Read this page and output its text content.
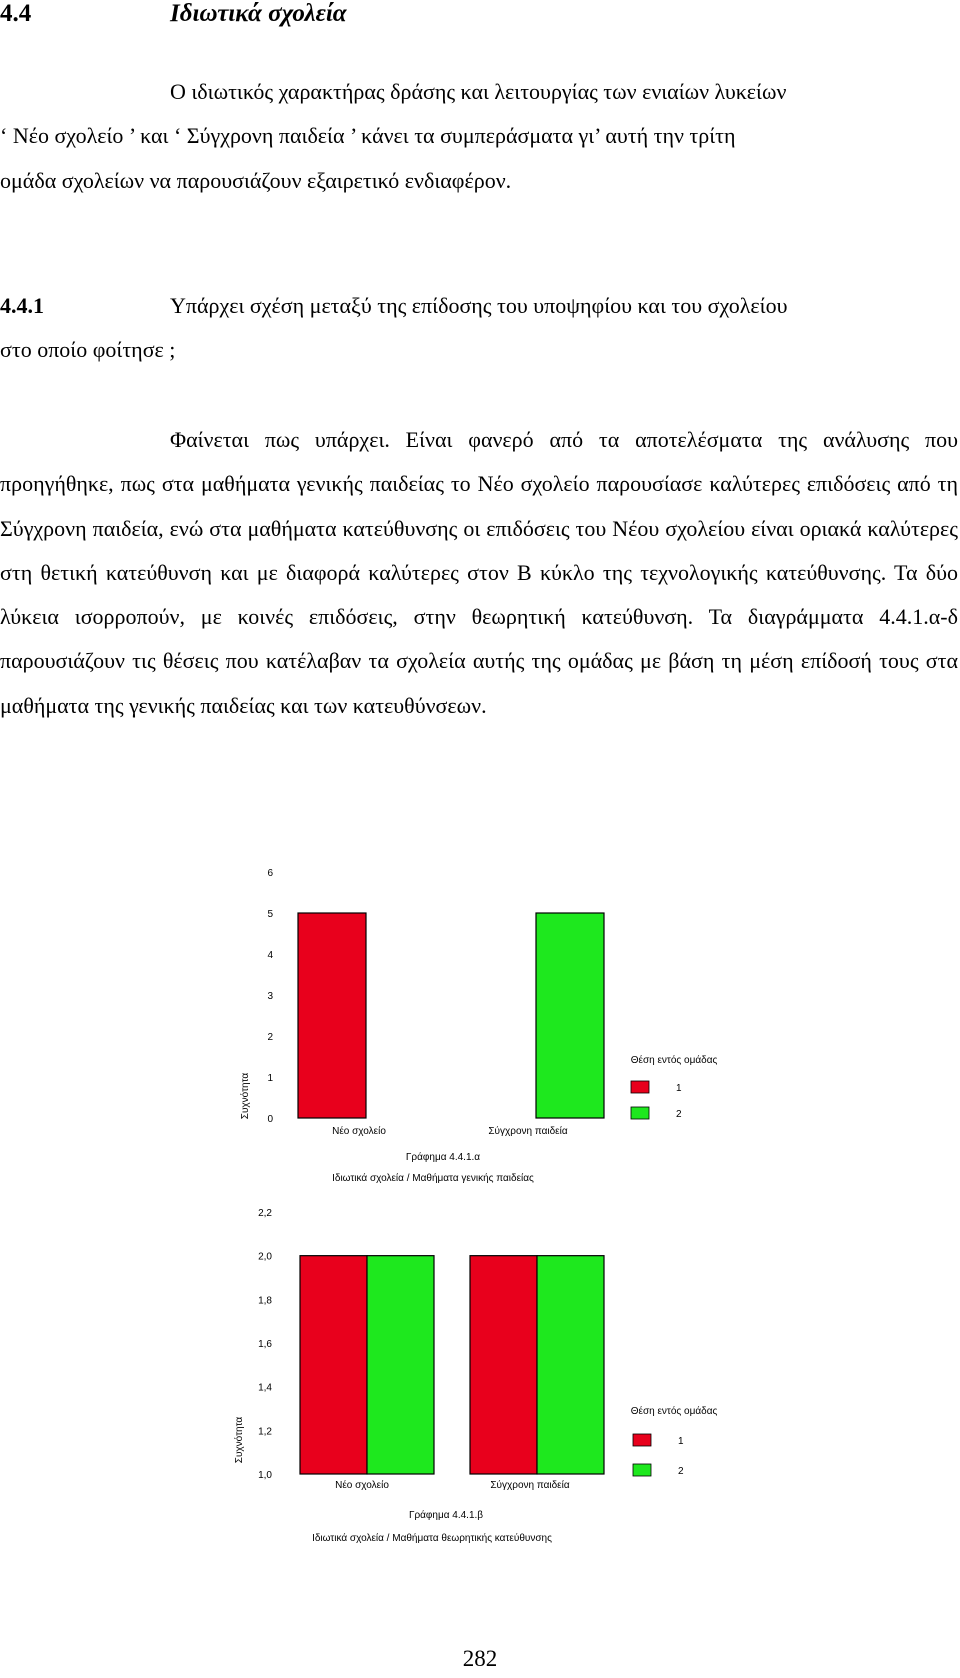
4.4	Ιδιωτικά σχολεία
Ο ιδιωτικός χαρακτήρας δράσης και λειτουργίας των ενιαίων λυκείων
‘ Νέο σχολείο ’ και ‘ Σύγχρονη παιδεία ’ κάνει τα συμπεράσματα γι’ αυτή την τρίτη
ομάδα σχολείων να παρουσιάζουν εξαιρετικό ενδιαφέρον.
4.4.1	Υπάρχει σχέση μεταξύ της επίδοσης του υποψηφίου και του σχολείου

στο οποίο φοίτησε ;

Φαίνεται πως υπάρχει. Είναι φανερό από τα αποτελέσματα της ανάλυσης που προηγήθηκε, πως στα μαθήματα γενικής παιδείας το Νέο σχολείο παρουσίασε καλύτερες επιδόσεις από τη Σύγχρονη παιδεία, ενώ στα μαθήματα κατεύθυνσης οι επιδόσεις του Νέου σχολείου είναι οριακά καλύτερες στη θετική κατεύθυνση και με διαφορά καλύτερες στον Β κύκλο της τεχνολογικής κατεύθυνσης. Τα δύο λύκεια ισορροπούν, με κοινές επιδόσεις, στην θεωρητική κατεύθυνση. Τα διαγράμματα 4.4.1.α-δ παρουσιάζουν τις θέσεις που κατέλαβαν τα σχολεία αυτής της ομάδας με βάση τη μέση επίδοσή τους στα μαθήματα της γενικής παιδείας και των κατευθύνσεων.

0
1
2
3
4
5
6
Συχνότητα
Νέο σχολείο	Σύγχρονη παιδεία
Θέση εντός ομάδας
1
2
Γράφημα 4.4.1.α
Ιδιωτικά σχολεία / Μαθήματα γενικής παιδείας
1,0
1,2
1,4
1,6
1,8
2,0
2,2
Συχνότητα
Νέο σχολείο	Σύγχρονη παιδεία
Θέση εντός ομάδας
1
2
Γράφημα 4.4.1.β
Ιδιωτικά σχολεία / Μαθήματα θεωρητικής κατεύθυνσης
282
